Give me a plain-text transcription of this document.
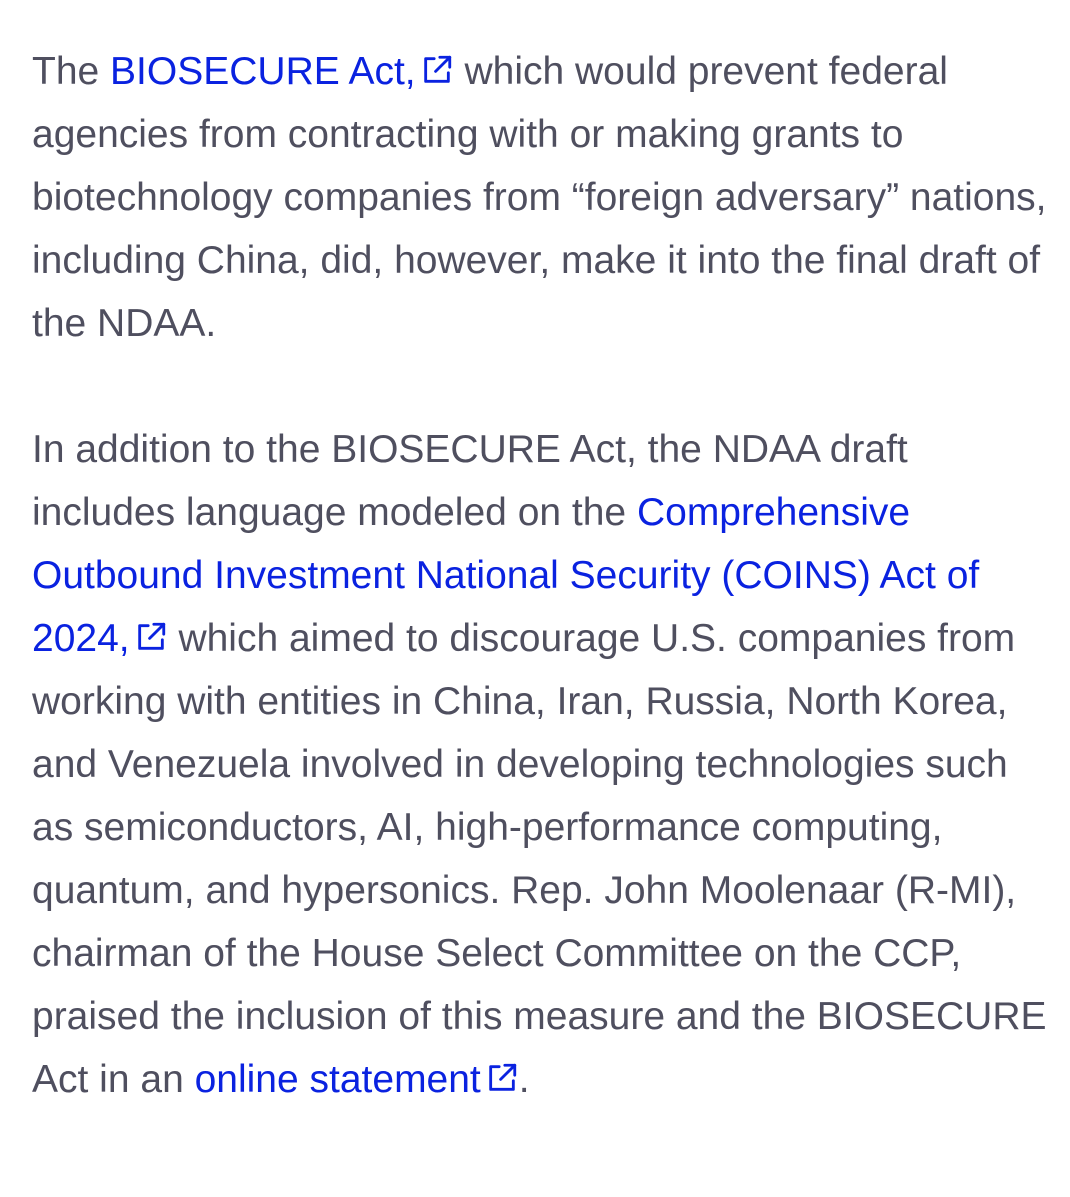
The BIOSECURE Act,
which would prevent federal agencies from contracting with or making grants to biotechnology companies from “foreign adversary” nations, including China, did, however, make it into the final draft of the NDAA.

In addition to the BIOSECURE Act, the NDAA draft includes language modeled on the Comprehensive Outbound Investment National Security (COINS) Act of 2024,
which aimed to discourage U.S. companies from working with entities in China, Iran, Russia, North Korea, and Venezuela involved in developing technologies such as semiconductors, AI, high-performance computing, quantum, and hypersonics. Rep. John Moolenaar (R-MI), chairman of the House Select Committee on the CCP, praised the inclusion of this measure and the BIOSECURE Act in an online statement .
